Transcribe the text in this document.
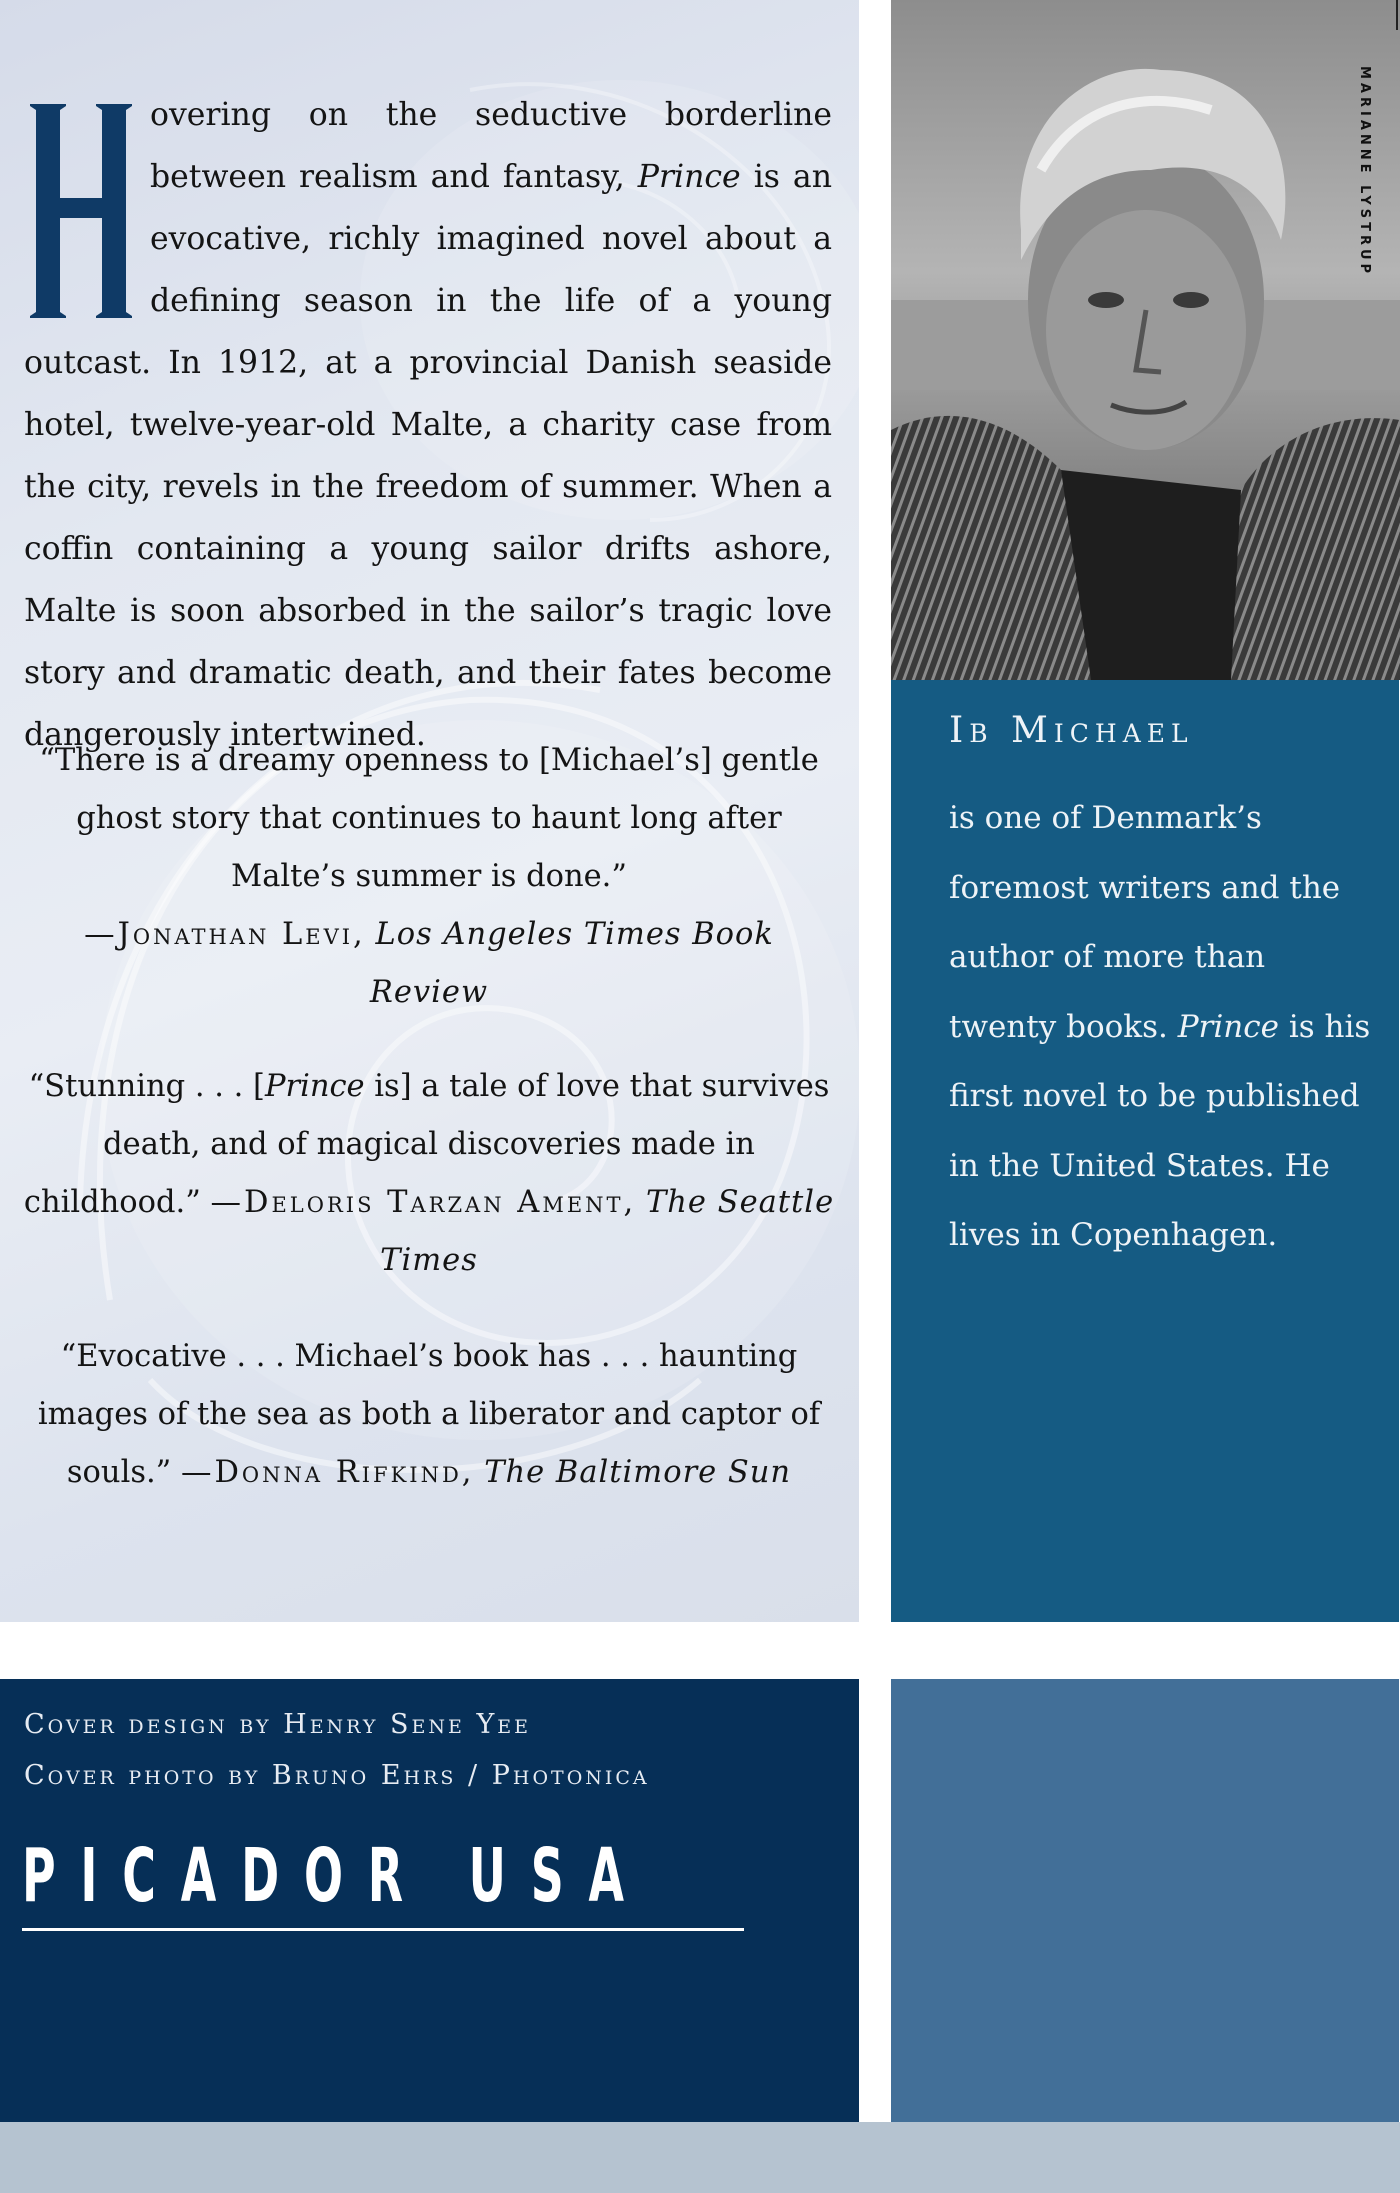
overing on the seductive borderline between realism and fantasy, Prince is an evocative, richly imagined novel about a defining season in the life of a young outcast. In 1912, at a provincial Danish seaside hotel, twelve-year-old Malte, a charity case from the city, revels in the freedom of summer. When a coffin containing a young sailor drifts ashore, Malte is soon absorbed in the sailor’s tragic love story and dramatic death, and their fates become dangerously intertwined.
“There is a dreamy openness to [Michael’s] gentle ghost story that continues to haunt long after Malte’s summer is done.”
—Jonathan Levi, Los Angeles Times Book Review
“Stunning . . . [Prince is] a tale of love that survives death, and of magical discoveries made in childhood.” —Deloris Tarzan Ament, The Seattle Times
“Evocative . . . Michael’s book has . . . haunting images of the sea as both a liberator and captor of souls.” —Donna Rifkind, The Baltimore Sun
MARIANNE LYSTRUP
Ib Michael
is one of Denmark’s foremost writers and the author of more than twenty books. Prince is his first novel to be published in the United States. He lives in Copenhagen.
Cover design by Henry Sene Yee
Cover photo by Bruno Ehrs / Photonica
PICADOR USA
